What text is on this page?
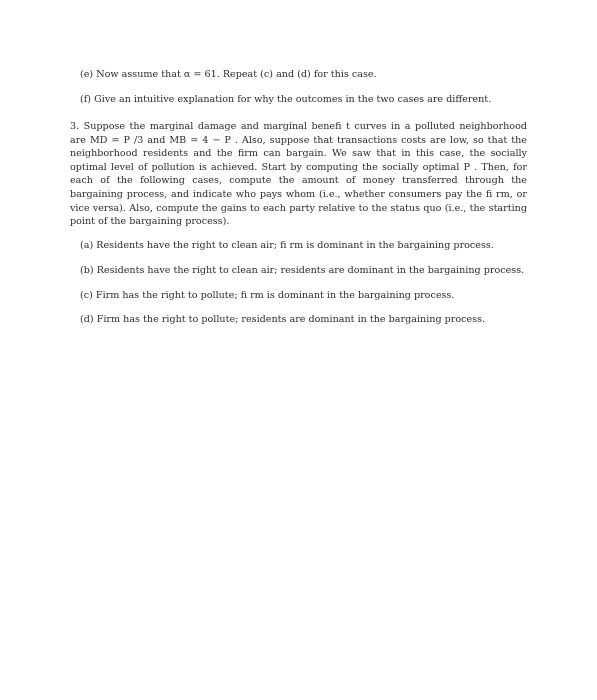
(e) Now assume that α = 61. Repeat (c) and (d) for this case.
(f) Give an intuitive explanation for why the outcomes in the two cases are different.

3. Suppose the marginal damage and marginal benefi t curves in a polluted neighborhood are MD = P /3 and MB = 4 − P . Also, suppose that transactions costs are low, so that the neighborhood residents and the firm can bargain. We saw that in this case, the socially optimal level of pollution is achieved. Start by computing the socially optimal P . Then, for each of the following cases, compute the amount of money transferred through the bargaining process, and indicate who pays whom (i.e., whether consumers pay the fi rm, or vice versa). Also, compute the gains to each party relative to the status quo (i.e., the starting point of the bargaining process).

(a) Residents have the right to clean air; fi rm is dominant in the bargaining process.
(b) Residents have the right to clean air; residents are dominant in the bargaining process.
(c) Firm has the right to pollute; fi rm is dominant in the bargaining process.
(d) Firm has the right to pollute; residents are dominant in the bargaining process.
